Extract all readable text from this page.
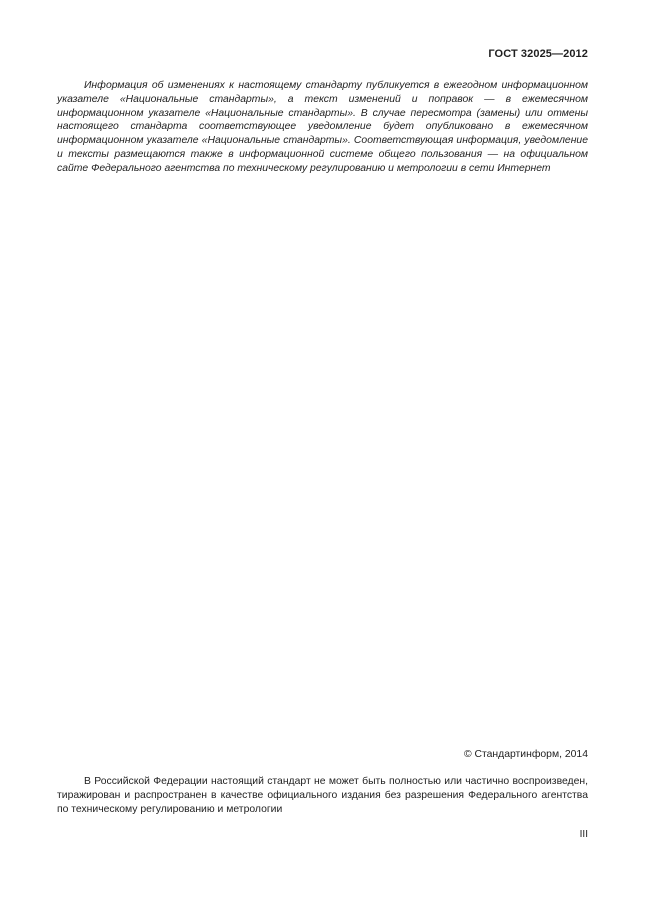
ГОСТ 32025—2012

Информация об изменениях к настоящему стандарту публикуется в ежегодном информационном указателе «Национальные стандарты», а текст изменений и поправок — в ежемесячном информационном указателе «Национальные стандарты». В случае пересмотра (замены) или отмены настоящего стандарта соответствующее уведомление будет опубликовано в ежемесячном информационном указателе «Национальные стандарты». Соответствующая информация, уведомление и тексты размещаются также в информационной системе общего пользования — на официальном сайте Федерального агентства по техническому регулированию и метрологии в сети Интернет

© Стандартинформ, 2014

В Российской Федерации настоящий стандарт не может быть полностью или частично воспроизведен, тиражирован и распространен в качестве официального издания без разрешения Федерального агентства по техническому регулированию и метрологии

III
